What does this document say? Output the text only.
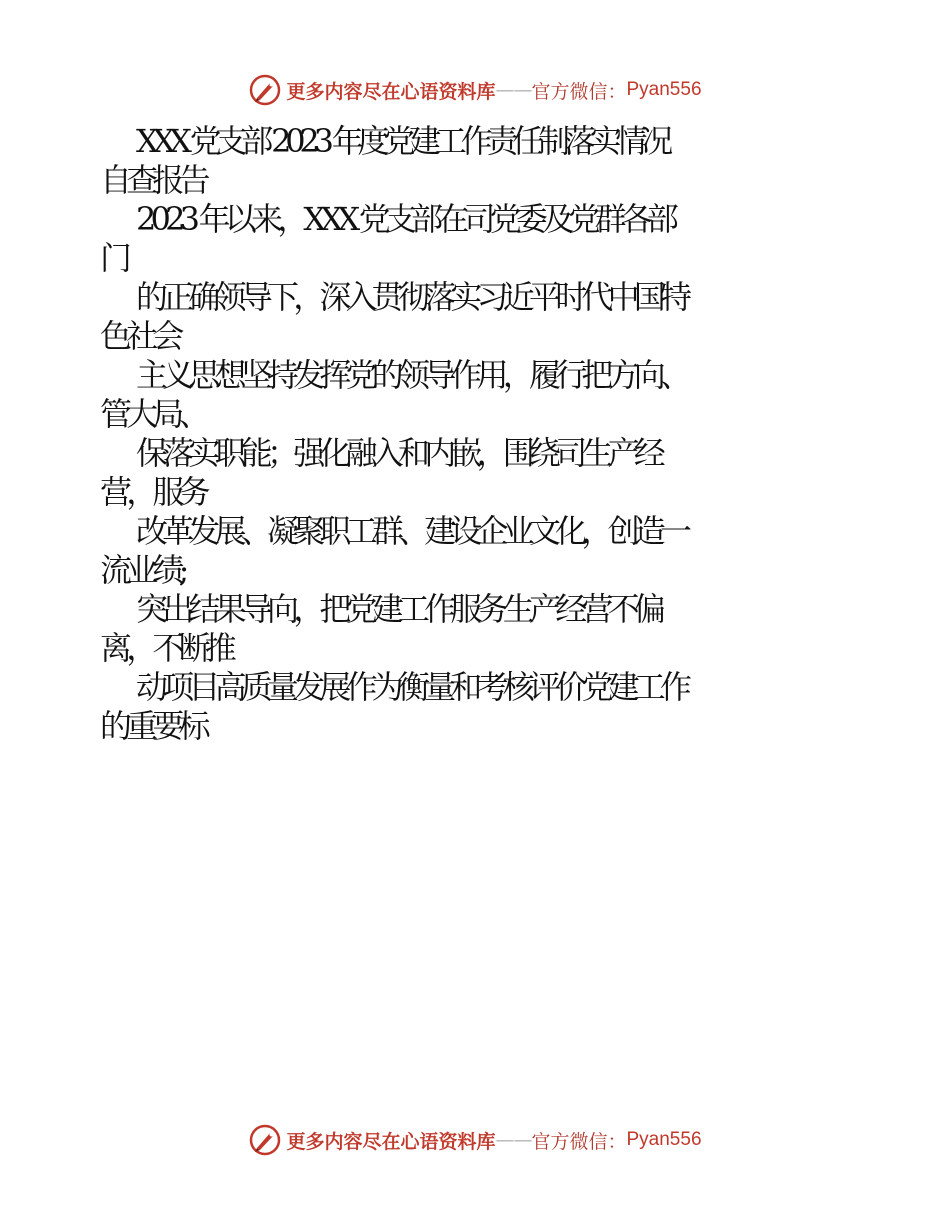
更多内容尽在心语资料库 —— 官方微信： Pyan556
XXX 党支部 2023 年度党建工作责任制落实情况
自查报告
2023 年以来，XXX 党支部在司党委及党群各部
门
的正确领导下，深入贯彻落实习近平时代中国特
色社会
主义思想坚持发挥党的领导作用，履行把方向、
管大局、
保落实职能；强化融入和内嵌，围绕司生产经
营，服务
改革发展、凝聚职工群、建设企业文化，创造一
流业绩;
突出结果导向，把党建工作服务生产经营不偏
离，不断推
动项目高质量发展作为衡量和考核评价党建工作
的重要标
更多内容尽在心语资料库 —— 官方微信： Pyan556
